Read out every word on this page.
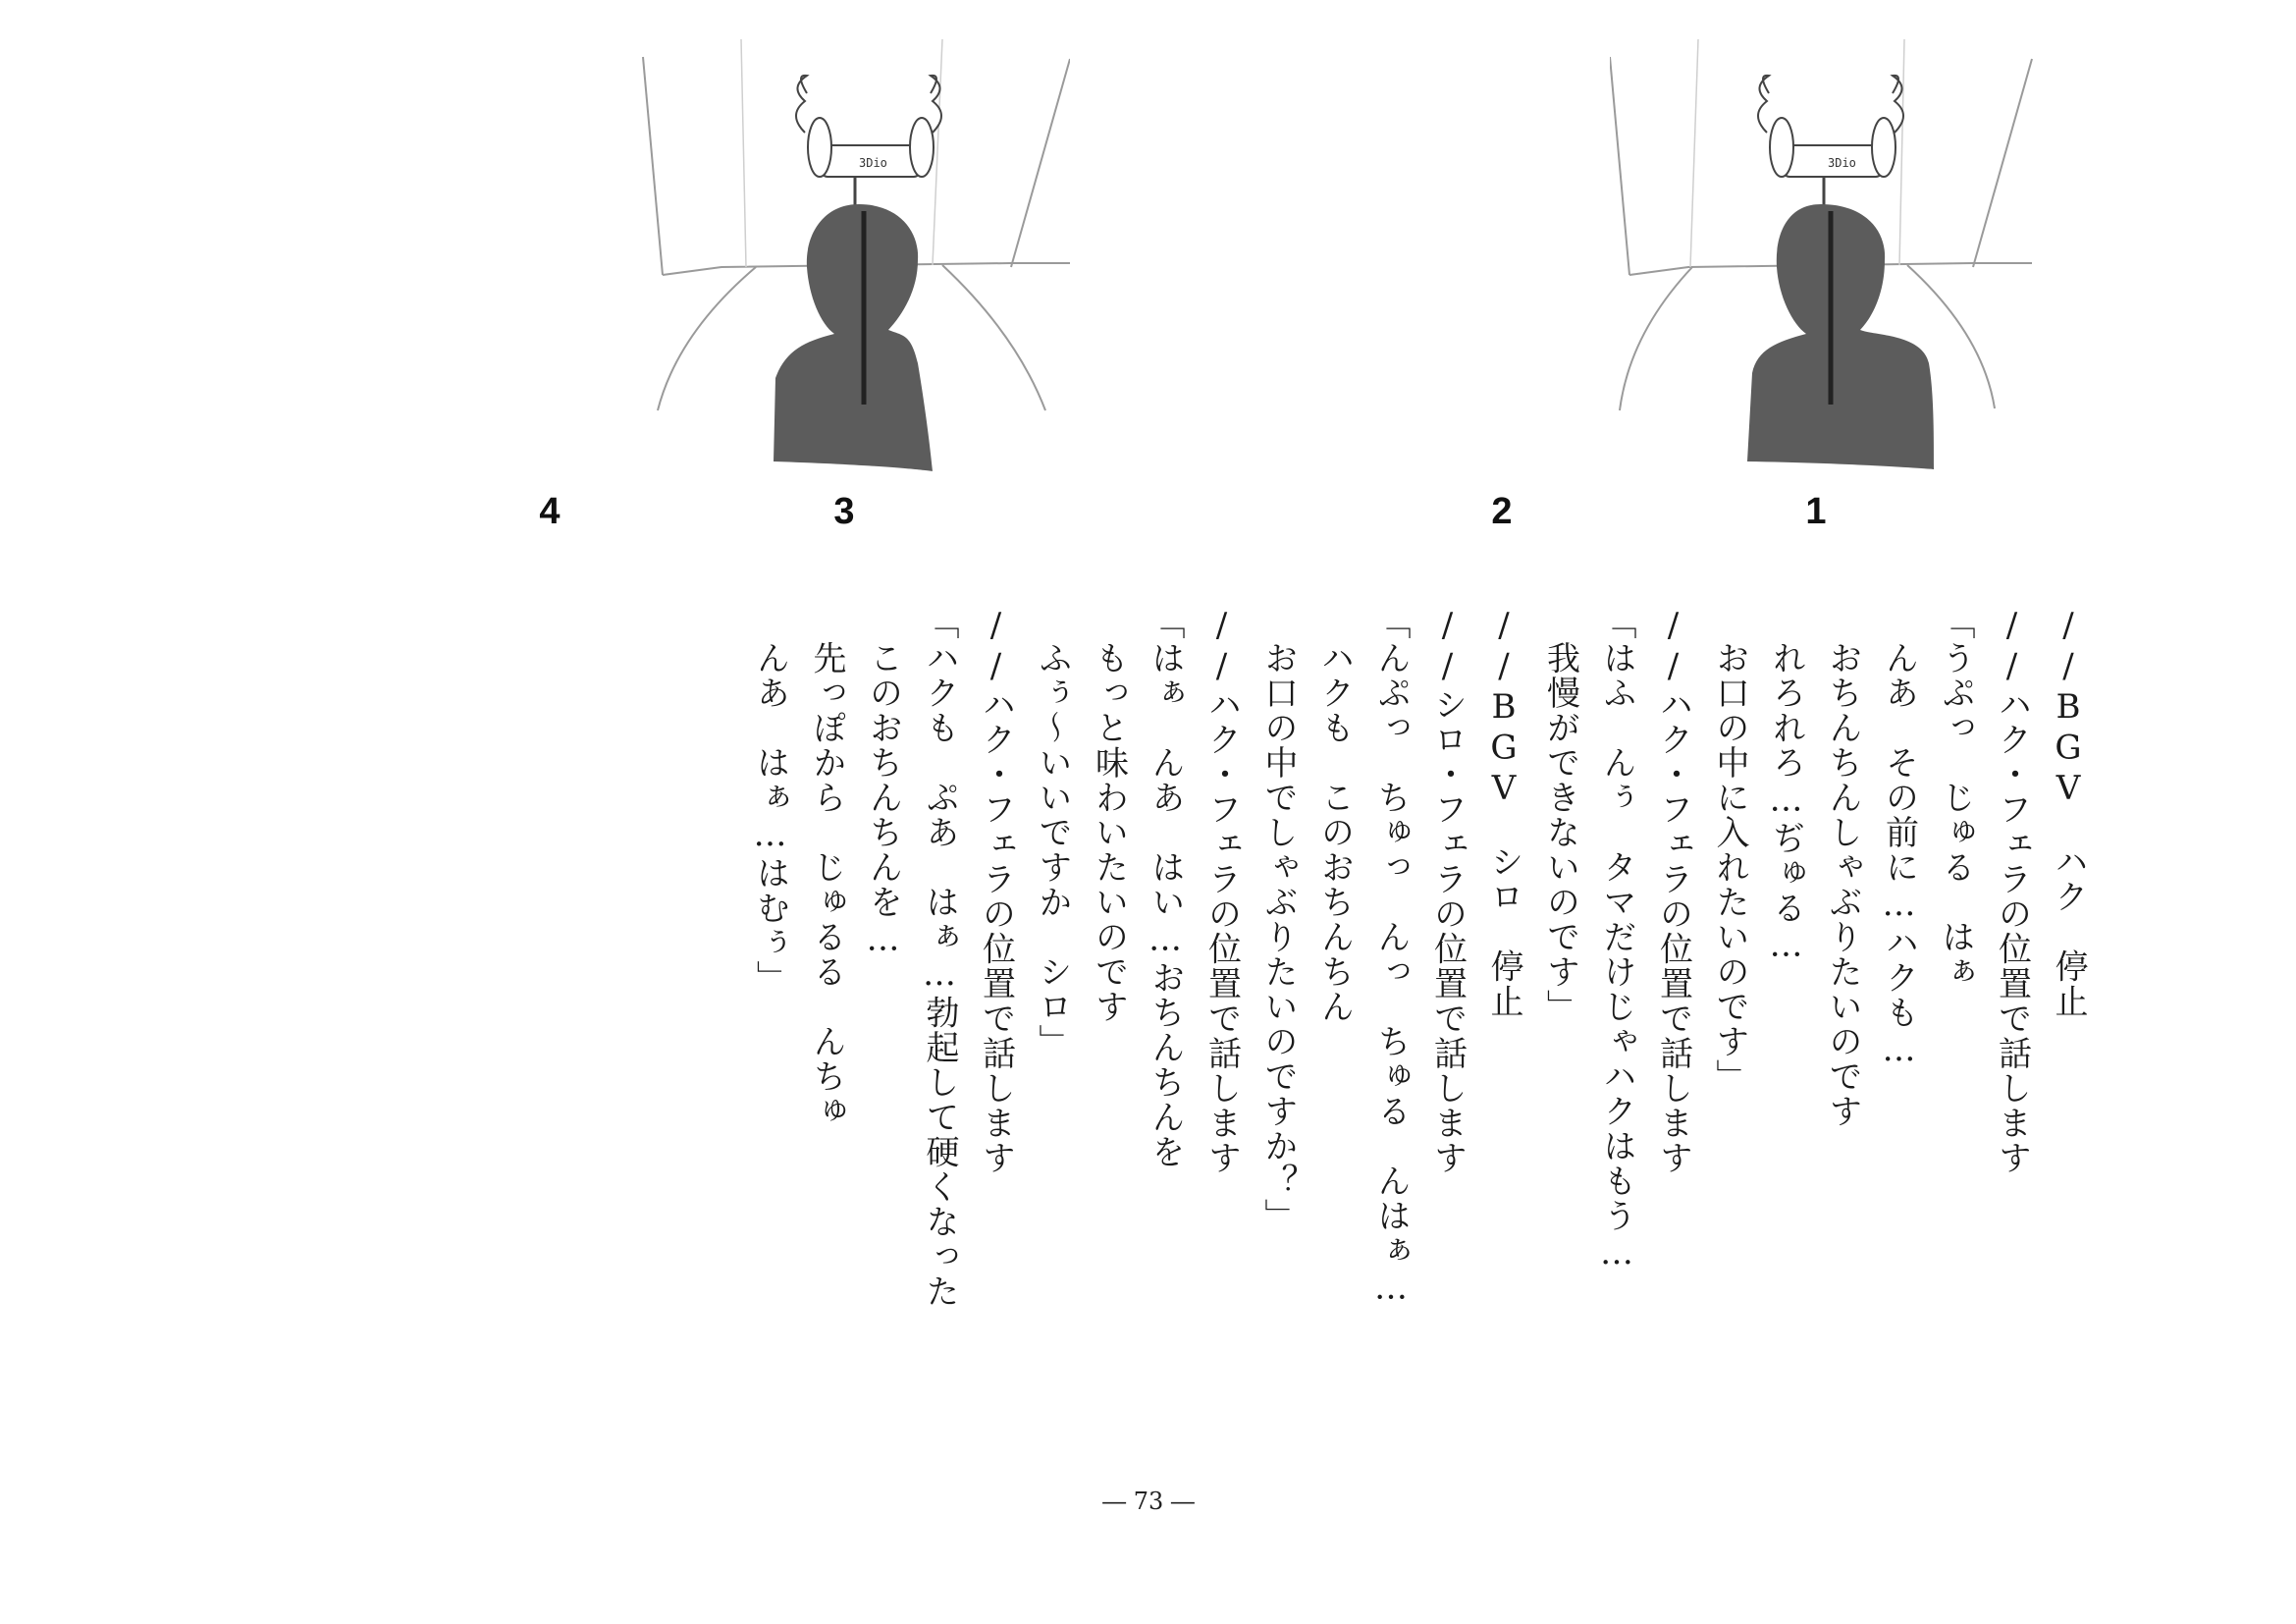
3Dio
2	1
3Dio
4	3
//BGV　ハク　停止
//ハク・フェラの位置で話します
「うぷっ　じゅる　はぁ
　んあ　その前に…ハクも…
　おちんちんしゃぶりたいのです
　れろれろ…ぢゅる…
　お口の中に入れたいのです」
//ハク・フェラの位置で話します
「はふ　んぅ　タマだけじゃハクはもう…
　我慢ができないのです」
//BGV　シロ　停止
//シロ・フェラの位置で話します
「んぷっ　ちゅっ　んっ　ちゅる　んはぁ…
　ハクも　このおちんちん
　お口の中でしゃぶりたいのですか？」
//ハク・フェラの位置で話します
「はぁ　んあ　はい…おちんちんを
　もっと味わいたいのです
　ふぅ～いいですか　シロ」
//ハク・フェラの位置で話します
「ハクも　ぷあ　はぁ…勃起して硬くなった
　このおちんちんを…
　先っぽから　じゅるる　んちゅ
　んあ　はぁ…はむぅ」
― 73 ―
